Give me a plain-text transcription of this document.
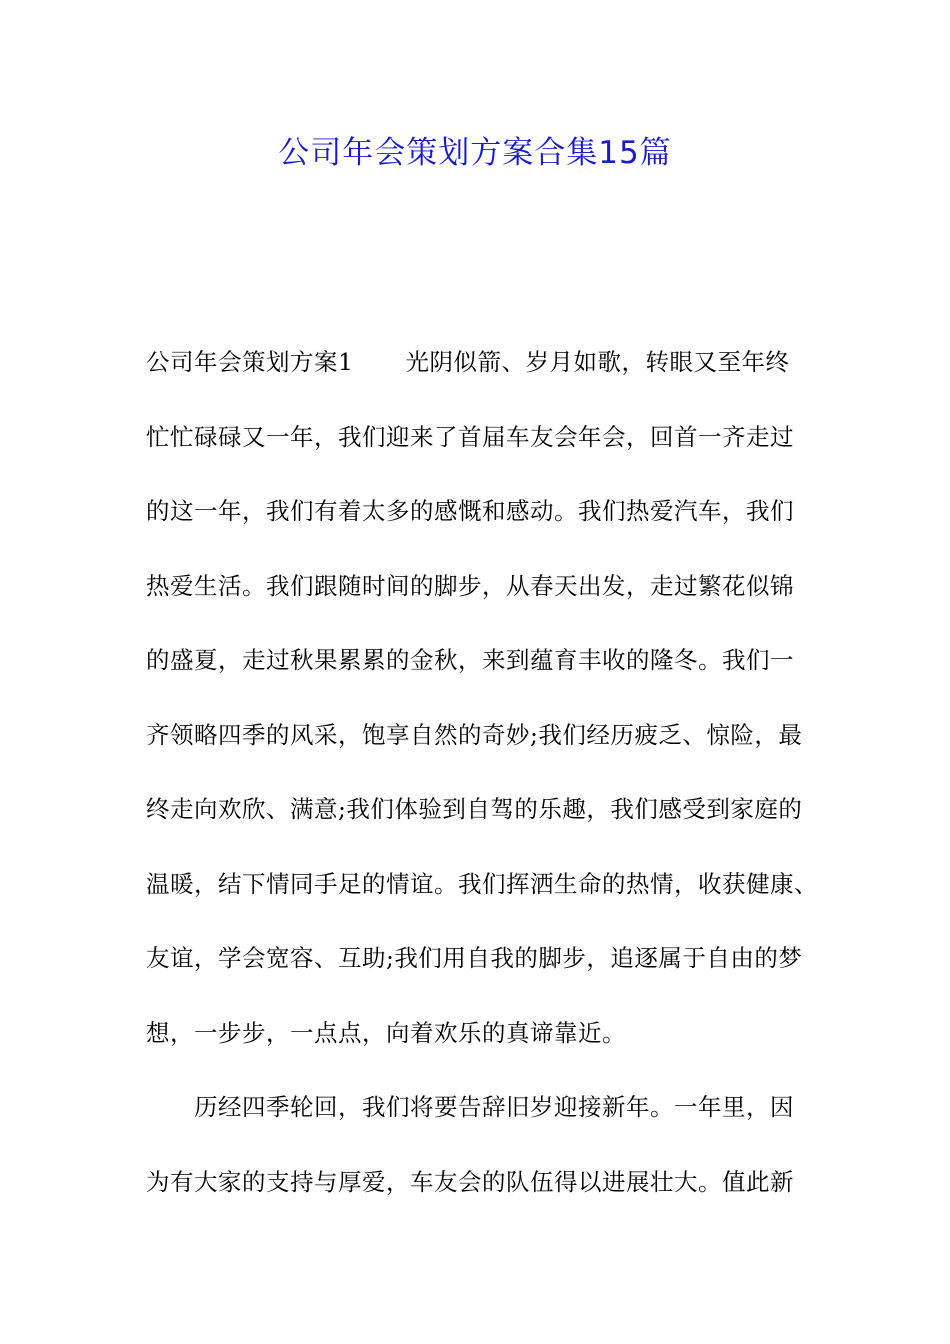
公司年会策划方案合集15篇
公司年会策划方案1 光阴似箭、岁月如歌，转眼又至年终
忙忙碌碌又一年，我们迎来了首届车友会年会，回首一齐走过
的这一年，我们有着太多的感慨和感动。我们热爱汽车，我们
热爱生活。我们跟随时间的脚步，从春天出发，走过繁花似锦
的盛夏，走过秋果累累的金秋，来到蕴育丰收的隆冬。我们一
齐领略四季的风采，饱享自然的奇妙;我们经历疲乏、惊险，最
终走向欢欣、满意;我们体验到自驾的乐趣，我们感受到家庭的
温暖，结下情同手足的情谊。我们挥洒生命的热情，收获健康、
友谊，学会宽容、互助;我们用自我的脚步，追逐属于自由的梦
想，一步步，一点点，向着欢乐的真谛靠近。
历经四季轮回，我们将要告辞旧岁迎接新年。一年里，因
为有大家的支持与厚爱，车友会的队伍得以进展壮大。值此新
